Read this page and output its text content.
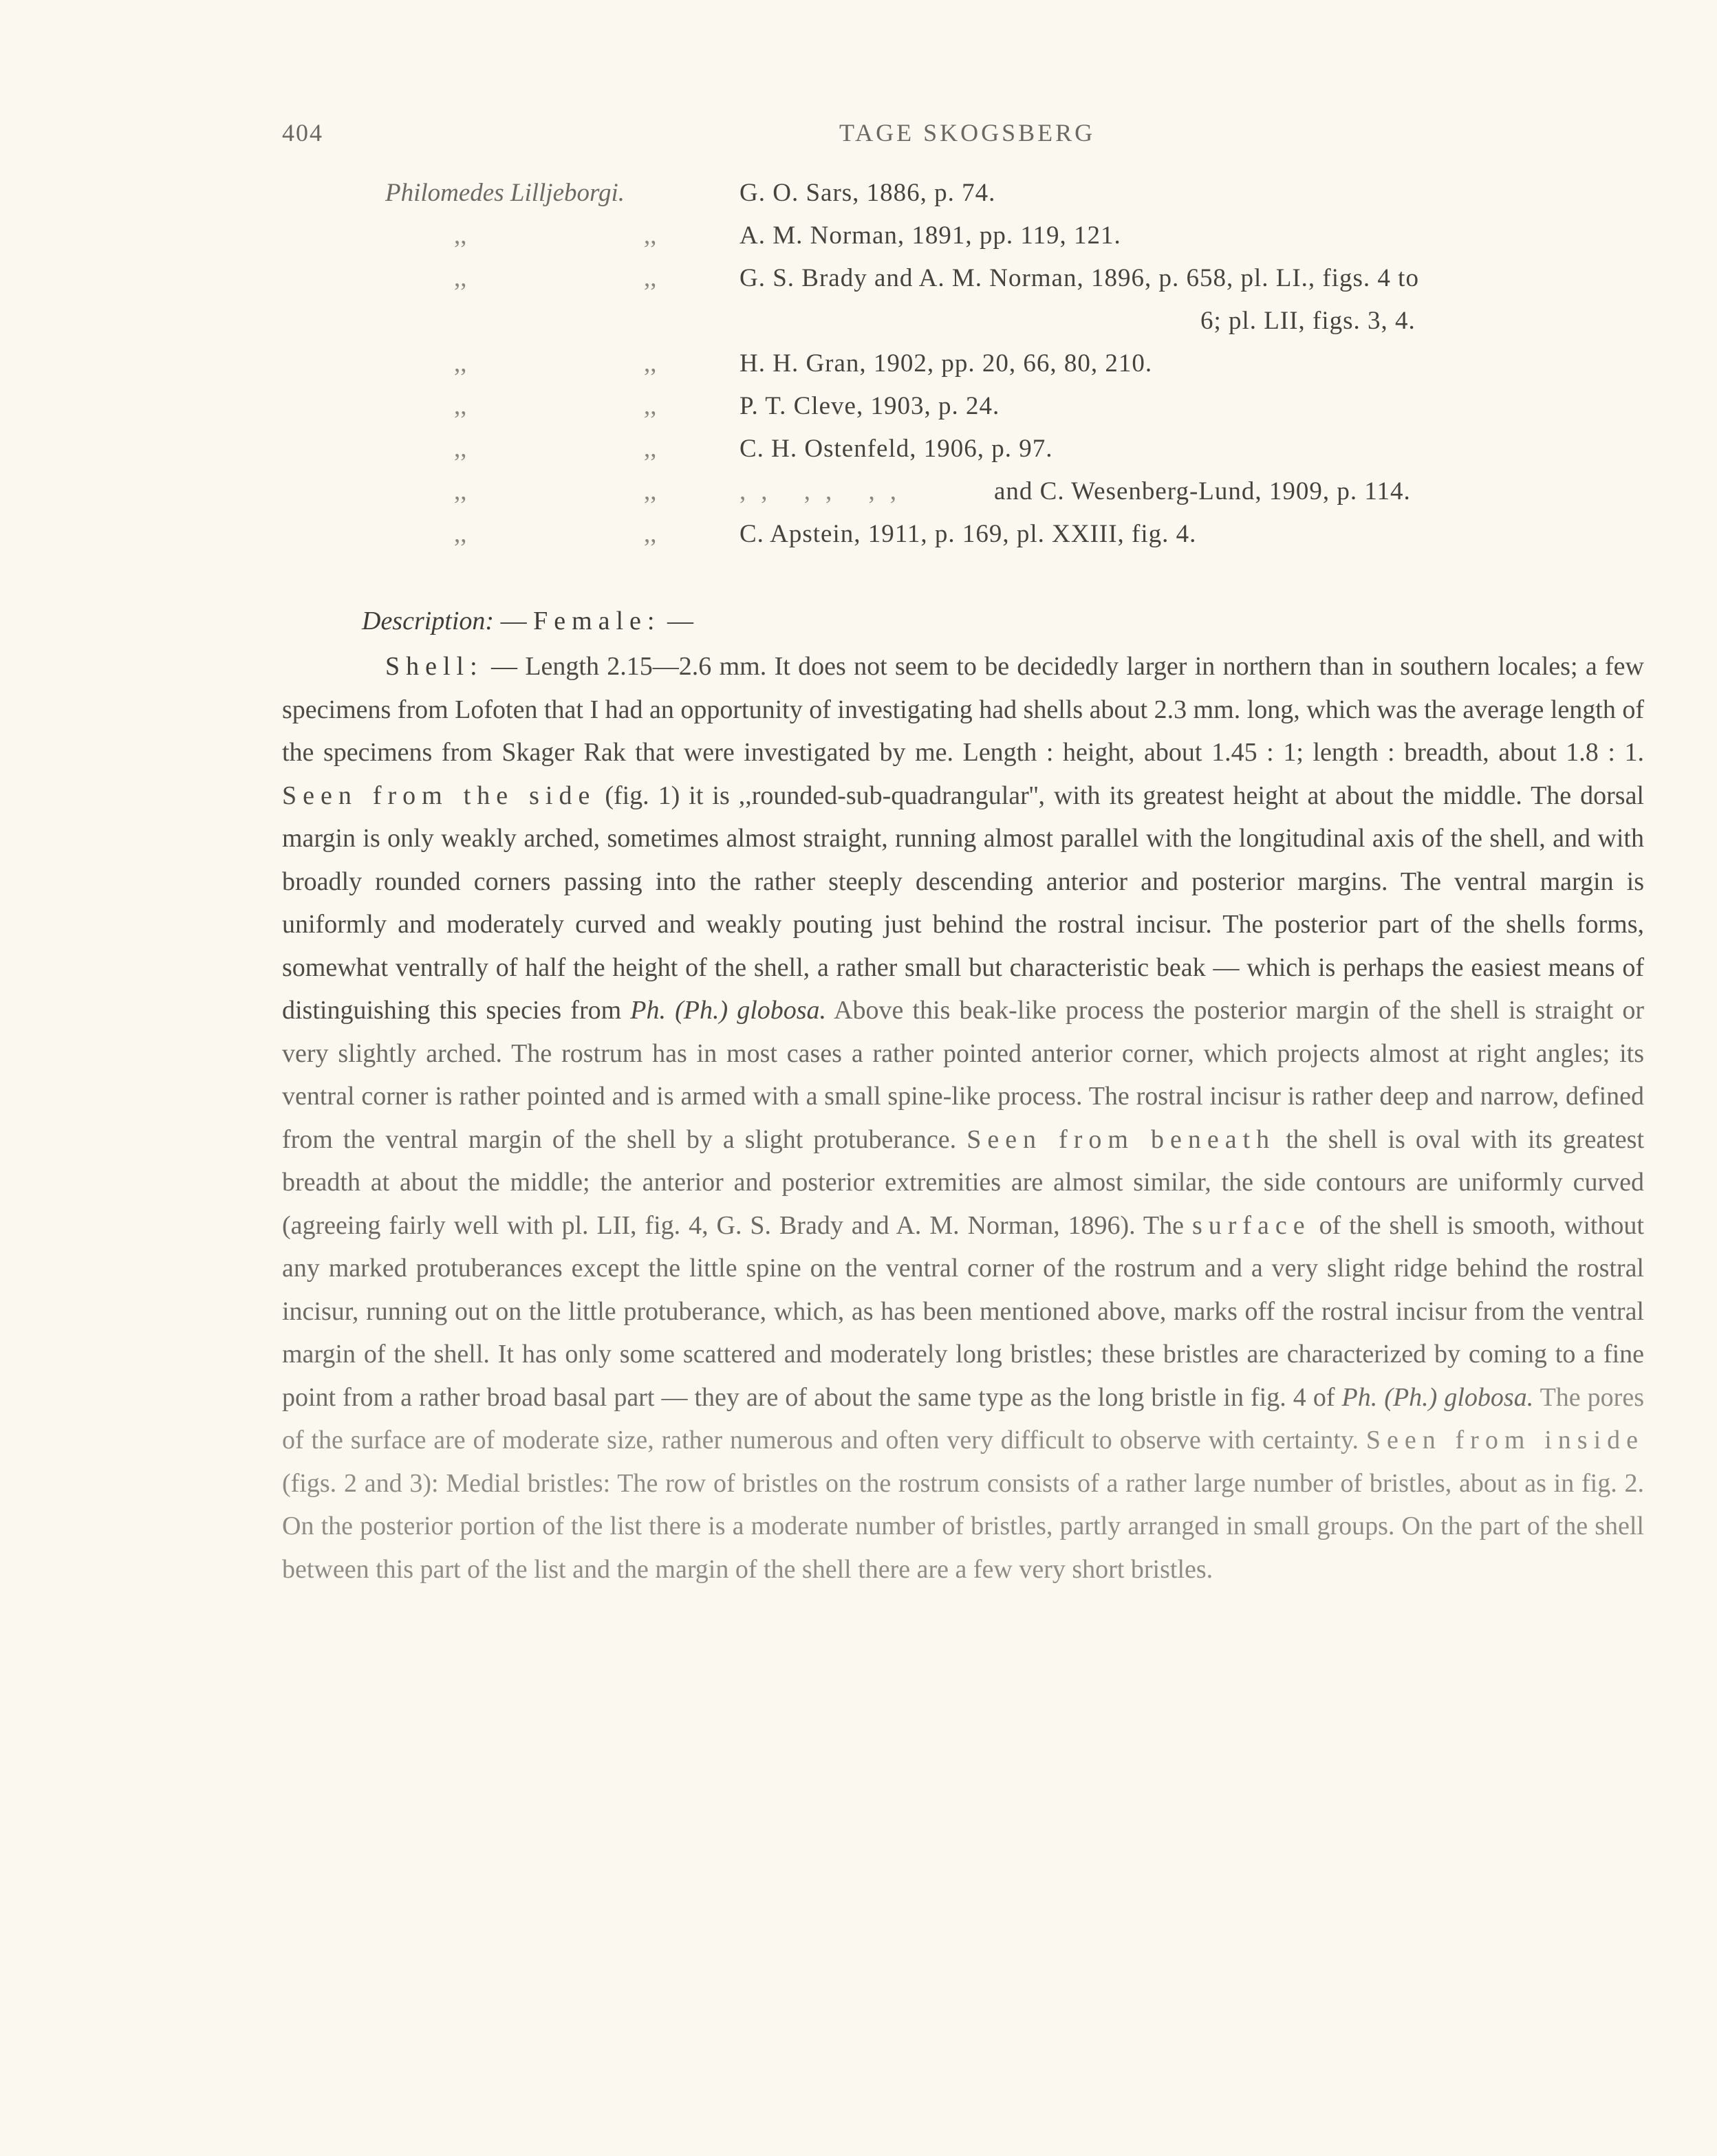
404	TAGE SKOGSBERG
Philomedes Lilljeborgi.	G. O. Sars, 1886, p. 74.
,,	,,	A. M. Norman, 1891, pp. 119, 121.
,,	,,	G. S. Brady and A. M. Norman, 1896, p. 658, pl. LI., figs. 4 to
6; pl. LII, figs. 3, 4.
,,	,,	H. H. Gran, 1902, pp. 20, 66, 80, 210.
,,	,,	P. T. Cleve, 1903, p. 24.
,,	,,	C. H. Ostenfeld, 1906, p. 97.
,,	,,	,, ,, ,,	and C. Wesenberg-Lund, 1909, p. 114.
,,	,,	C. Apstein, 1911, p. 169, pl. XXIII, fig. 4.
Description: — Female: —

Shell: — Length 2.15—2.6 mm. It does not seem to be decidedly larger in northern than in southern locales; a few specimens from Lofoten that I had an opportunity of investigating had shells about 2.3 mm. long, which was the average length of the specimens from Skager Rak that were investigated by me. Length : height, about 1.45 : 1; length : breadth, about 1.8 : 1. Seen from the side (fig. 1) it is ,,rounded-sub-quadrangular'', with its greatest height at about the middle. The dorsal margin is only weakly arched, sometimes almost straight, running almost parallel with the longitudinal axis of the shell, and with broadly rounded corners passing into the rather steeply descending anterior and posterior margins. The ventral margin is uniformly and moderately curved and weakly pouting just behind the rostral incisur. The posterior part of the shells forms, somewhat ventrally of half the height of the shell, a rather small but characteristic beak — which is perhaps the easiest means of distinguishing this species from Ph. (Ph.) globosa. Above this beak-like process the posterior margin of the shell is straight or very slightly arched. The rostrum has in most cases a rather pointed anterior corner, which projects almost at right angles; its ventral corner is rather pointed and is armed with a small spine-like process. The rostral incisur is rather deep and narrow, defined from the ventral margin of the shell by a slight protuberance. Seen from beneath the shell is oval with its greatest breadth at about the middle; the anterior and posterior extremities are almost similar, the side contours are uniformly curved (agreeing fairly well with pl. LII, fig. 4, G. S. Brady and A. M. Norman, 1896). The surface of the shell is smooth, without any marked protuberances except the little spine on the ventral corner of the rostrum and a very slight ridge behind the rostral incisur, running out on the little protuberance, which, as has been mentioned above, marks off the rostral incisur from the ventral margin of the shell. It has only some scattered and moderately long bristles; these bristles are characterized by coming to a fine point from a rather broad basal part — they are of about the same type as the long bristle in fig. 4 of Ph. (Ph.) globosa. The pores of the surface are of moderate size, rather numerous and often very difficult to observe with certainty. Seen from inside (figs. 2 and 3): Medial bristles: The row of bristles on the rostrum consists of a rather large number of bristles, about as in fig. 2. On the posterior portion of the list there is a moderate number of bristles, partly arranged in small groups. On the part of the shell between this part of the list and the margin of the shell there are a few very short bristles.
